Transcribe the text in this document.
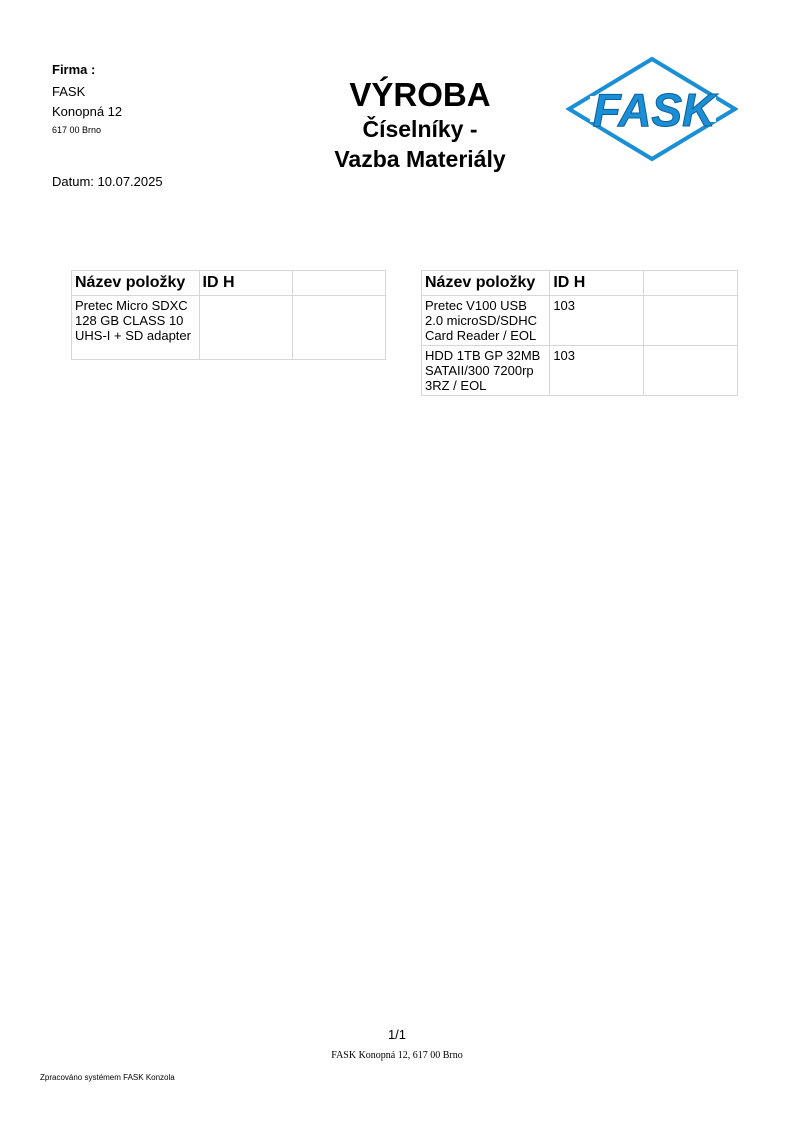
Firma :
FASK
Konopná 12
617 00 Brno
Datum: 10.07.2025
VÝROBA
Číselníky -
Vazba Materiály
FASK
Název položky	ID H	
Pretec Micro SDXC 128 GB CLASS 10 UHS-I + SD adapter		
Název položky	ID H	
Pretec V100 USB 2.0 microSD/SDHC Card Reader / EOL	103	
HDD 1TB GP 32MB SATAII/300 7200rp 3RZ / EOL	103	
1/1
FASK Konopná 12, 617 00 Brno
Zpracováno systémem FASK Konzola
